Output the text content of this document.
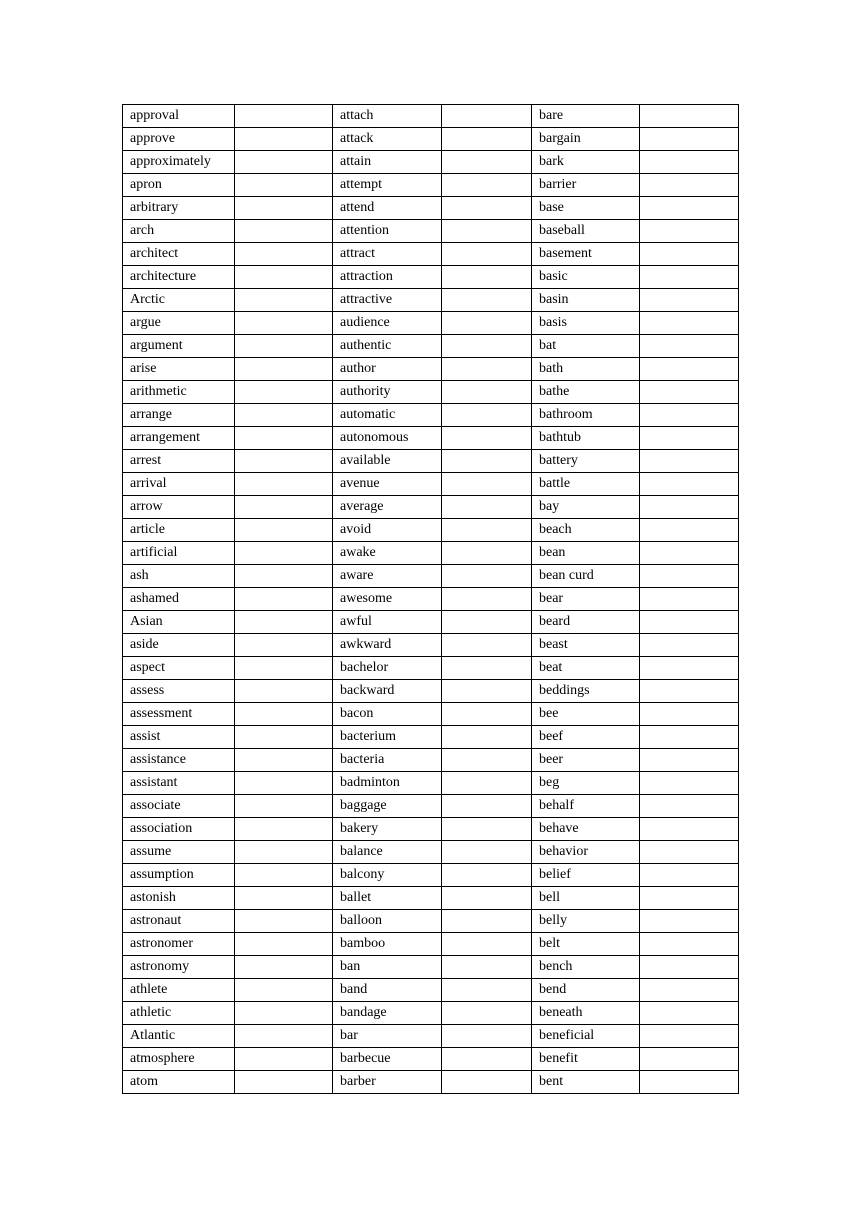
approval		attach		bare	
approve		attack		bargain	
approximately		attain		bark	
apron		attempt		barrier	
arbitrary		attend		base	
arch		attention		baseball	
architect		attract		basement	
architecture		attraction		basic	
Arctic		attractive		basin	
argue		audience		basis	
argument		authentic		bat	
arise		author		bath	
arithmetic		authority		bathe	
arrange		automatic		bathroom	
arrangement		autonomous		bathtub	
arrest		available		battery	
arrival		avenue		battle	
arrow		average		bay	
article		avoid		beach	
artificial		awake		bean	
ash		aware		bean curd	
ashamed		awesome		bear	
Asian		awful		beard	
aside		awkward		beast	
aspect		bachelor		beat	
assess		backward		beddings	
assessment		bacon		bee	
assist		bacterium		beef	
assistance		bacteria		beer	
assistant		badminton		beg	
associate		baggage		behalf	
association		bakery		behave	
assume		balance		behavior	
assumption		balcony		belief	
astonish		ballet		bell	
astronaut		balloon		belly	
astronomer		bamboo		belt	
astronomy		ban		bench	
athlete		band		bend	
athletic		bandage		beneath	
Atlantic		bar		beneficial	
atmosphere		barbecue		benefit	
atom		barber		bent	
